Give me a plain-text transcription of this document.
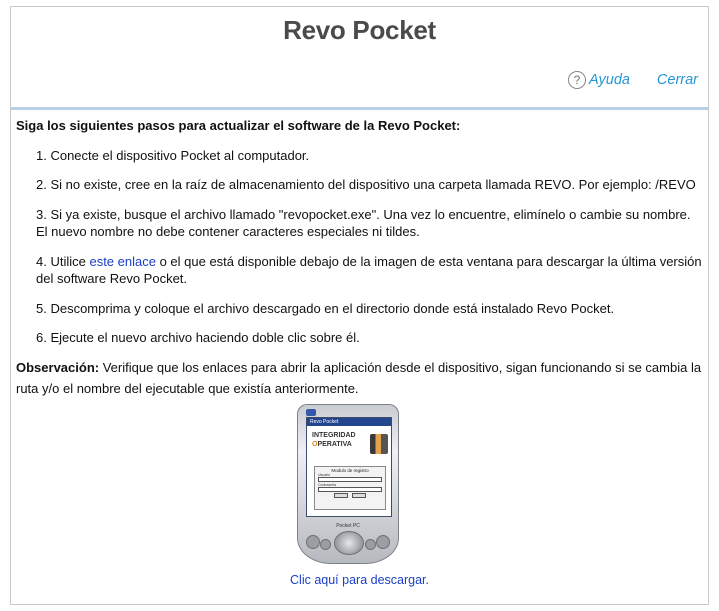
Revo Pocket
? Ayuda Cerrar

Siga los siguientes pasos para actualizar el software de la Revo Pocket:

1. Conecte el dispositivo Pocket al computador.
2. Si no existe, cree en la raíz de almacenamiento del dispositivo una carpeta llamada REVO. Por ejemplo: /REVO
3. Si ya existe, busque el archivo llamado "revopocket.exe". Una vez lo encuentre, elimínelo o cambie su nombre. El nuevo nombre no debe contener caracteres especiales ni tildes.
4. Utilice este enlace o el que está disponible debajo de la imagen de esta ventana para descargar la última versión del software Revo Pocket.
5. Descomprima y coloque el archivo descargado en el directorio donde está instalado Revo Pocket.
6. Ejecute el nuevo archivo haciendo doble clic sobre él.

Observación: Verifique que los enlaces para abrir la aplicación desde el dispositivo, sigan funcionando si se cambia la ruta y/o el nombre del ejecutable que existía anteriormente.

Revo Pocket
INTEGRIDAD
OPERATIVA
Modulo de registro
Usuario
Contraseña
Pocket PC
Clic aquí para descargar.
